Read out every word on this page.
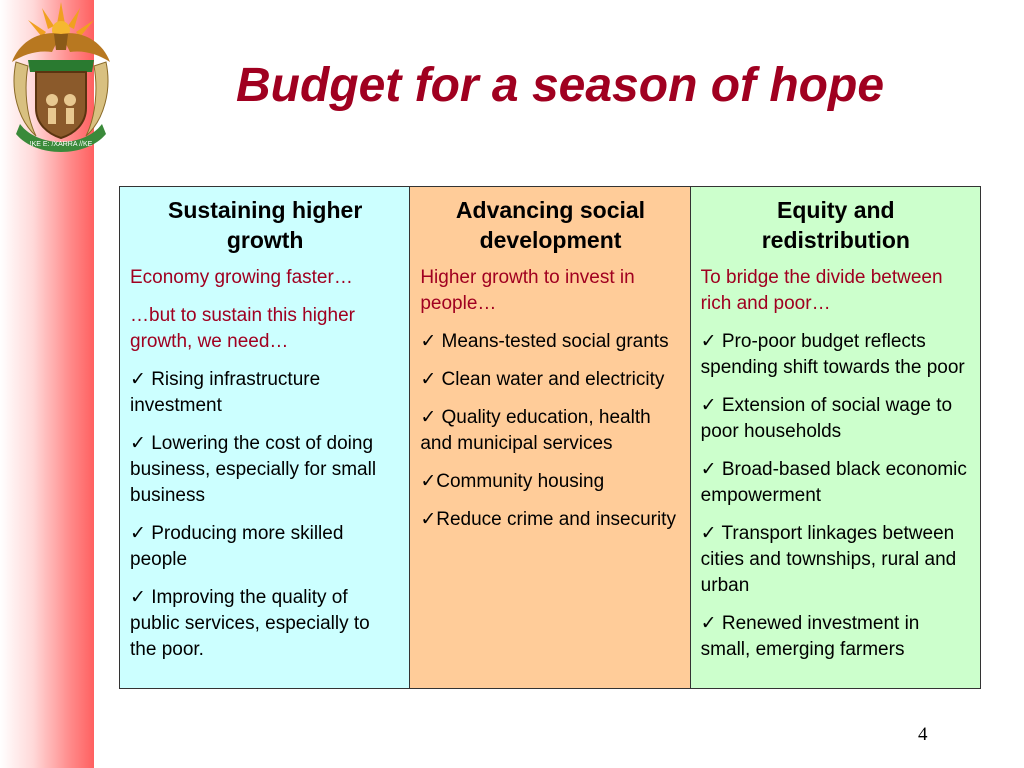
!KE E: /XARRA //KE
Budget for a season of hope
Sustaining higher growth
Economy growing faster…
…but to sustain this higher growth, we need…
✓ Rising infrastructure investment
✓ Lowering the cost of doing business, especially for small business
✓ Producing more skilled people
✓ Improving the quality of public services, especially to the poor.
Advancing social development
Higher growth to invest in people…
✓ Means-tested social grants
✓ Clean water and electricity
✓ Quality education, health and municipal services
✓Community housing
✓Reduce crime and insecurity
Equity and redistribution
To bridge the divide between rich and poor…
✓ Pro-poor budget reflects spending shift towards the poor
✓ Extension of social wage to poor households
✓ Broad-based black economic empowerment
✓ Transport linkages between cities and townships, rural and urban
✓ Renewed investment in small, emerging farmers
4
